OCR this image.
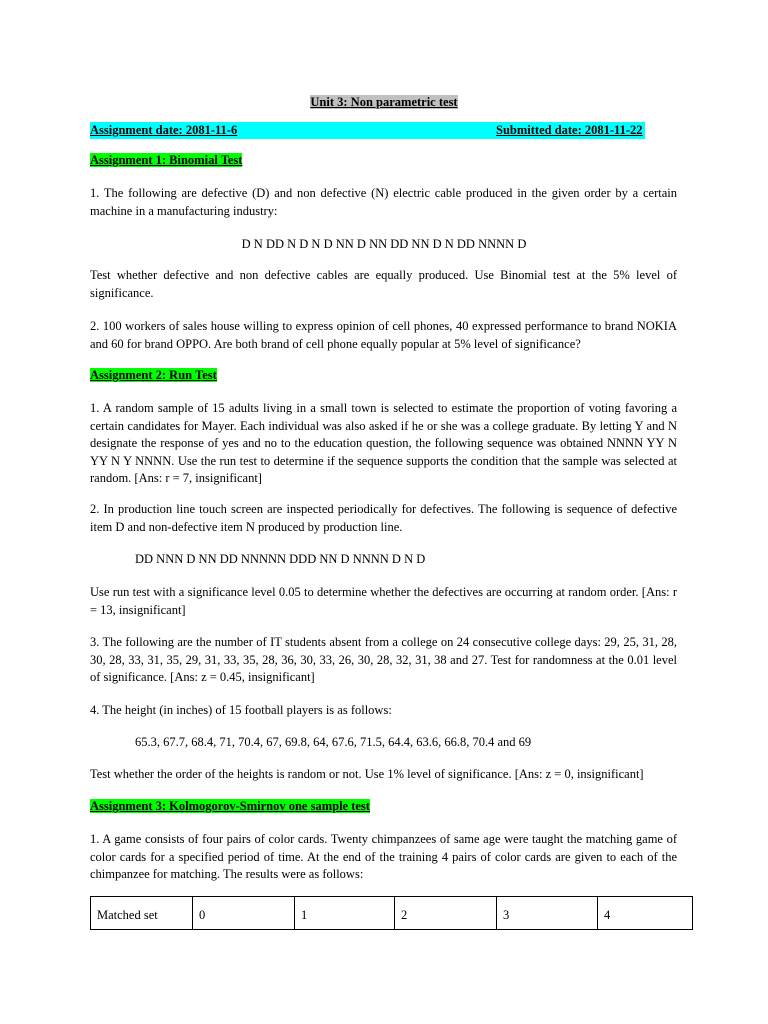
Unit 3: Non parametric test
Assignment date: 2081-11-6	Submitted date: 2081-11-22
Assignment 1: Binomial Test

1. The following are defective (D) and non defective (N) electric cable produced in the given order by a certain machine in a manufacturing industry:

D N DD N D N D NN D NN DD NN D N DD NNNN D

Test whether defective and non defective cables are equally produced. Use Binomial test at the 5% level of significance.

2. 100 workers of sales house willing to express opinion of cell phones, 40 expressed performance to brand NOKIA and 60 for brand OPPO. Are both brand of cell phone equally popular at 5% level of significance?

Assignment 2: Run Test

1. A random sample of 15 adults living in a small town is selected to estimate the proportion of voting favoring a certain candidates for Mayer. Each individual was also asked if he or she was a college graduate. By letting Y and N designate the response of yes and no to the education question, the following sequence was obtained NNNN YY N YY N Y NNNN. Use the run test to determine if the sequence supports the condition that the sample was selected at random. [Ans: r = 7, insignificant]

2. In production line touch screen are inspected periodically for defectives. The following is sequence of defective item D and non-defective item N produced by production line.

DD NNN D NN DD NNNNN DDD NN D NNNN D N D

Use run test with a significance level 0.05 to determine whether the defectives are occurring at random order. [Ans: r = 13, insignificant]

3. The following are the number of IT students absent from a college on 24 consecutive college days: 29, 25, 31, 28, 30, 28, 33, 31, 35, 29, 31, 33, 35, 28, 36, 30, 33, 26, 30, 28, 32, 31, 38 and 27. Test for randomness at the 0.01 level of significance. [Ans: z = 0.45, insignificant]

4. The height (in inches) of 15 football players is as follows:
65.3, 67.7, 68.4, 71, 70.4, 67, 69.8, 64, 67.6, 71.5, 64.4, 63.6, 66.8, 70.4 and 69
Test whether the order of the heights is random or not. Use 1% level of significance. [Ans: z = 0, insignificant]
Assignment 3: Kolmogorov-Smirnov one sample test

1. A game consists of four pairs of color cards. Twenty chimpanzees of same age were taught the matching game of color cards for a specified period of time. At the end of the training 4 pairs of color cards are given to each of the chimpanzee for matching. The results were as follows:

Matched set	0	1	2	3	4
